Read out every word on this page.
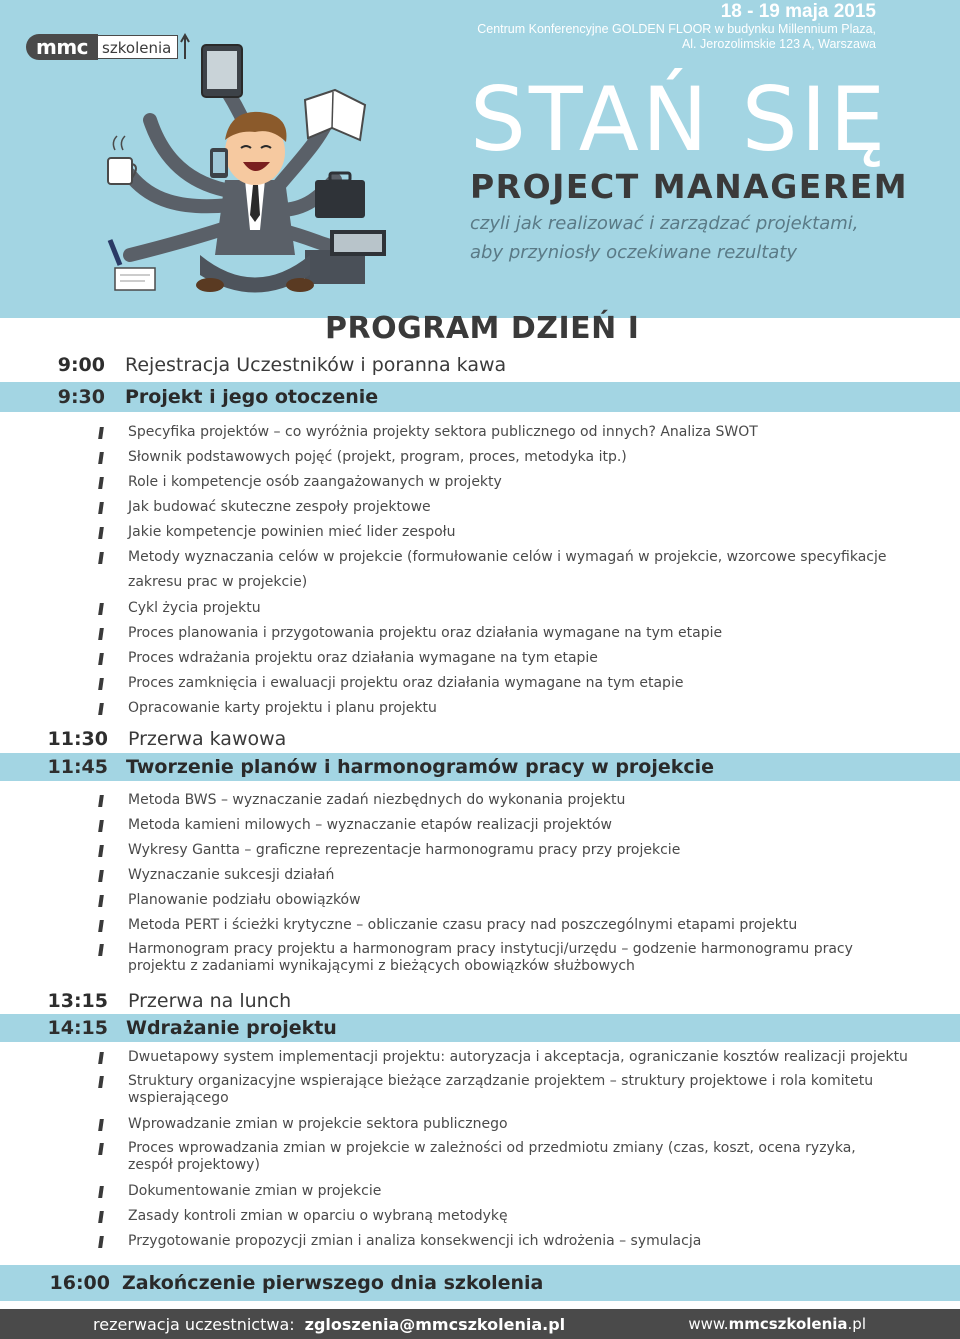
mmc szkolenia
18 - 19 maja 2015
Centrum Konferencyjne GOLDEN FLOOR w budynku Millennium Plaza,
Al. Jerozolimskie 123 A, Warszawa
STAŃ SIĘ
PROJECT MANAGEREM
czyli jak realizować i zarządzać projektami,
aby przyniosły oczekiwane rezultaty
PROGRAM DZIEŃ I
9:00 Rejestracja Uczestników i poranna kawa
9:30 Projekt i jego otoczenie
Specyfika projektów – co wyróżnia projekty sektora publicznego od innych? Analiza SWOT
Słownik podstawowych pojęć (projekt, program, proces, metodyka itp.)
Role i kompetencje osób zaangażowanych w projekty
Jak budować skuteczne zespoły projektowe
Jakie kompetencje powinien mieć lider zespołu
Metody wyznaczania celów w projekcie (formułowanie celów i wymagań w projekcie, wzorcowe specyfikacje zakresu prac w projekcie)
Cykl życia projektu
Proces planowania i przygotowania projektu oraz działania wymagane na tym etapie
Proces wdrażania projektu oraz działania wymagane na tym etapie
Proces zamknięcia i ewaluacji projektu oraz działania wymagane na tym etapie
Opracowanie karty projektu i planu projektu
11:30 Przerwa kawowa
11:45 Tworzenie planów i harmonogramów pracy w projekcie
Metoda BWS – wyznaczanie zadań niezbędnych do wykonania projektu
Metoda kamieni milowych – wyznaczanie etapów realizacji projektów
Wykresy Gantta – graficzne reprezentacje harmonogramu pracy przy projekcie
Wyznaczanie sukcesji działań
Planowanie podziału obowiązków
Metoda PERT i ścieżki krytyczne – obliczanie czasu pracy nad poszczególnymi etapami projektu
Harmonogram pracy projektu a harmonogram pracy instytucji/urzędu – godzenie harmonogramu pracy projektu z zadaniami wynikającymi z bieżących obowiązków służbowych
13:15 Przerwa na lunch
14:15 Wdrażanie projektu
Dwuetapowy system implementacji projektu: autoryzacja i akceptacja, ograniczanie kosztów realizacji projektu
Struktury organizacyjne wspierające bieżące zarządzanie projektem – struktury projektowe i rola komitetu wspierającego
Wprowadzanie zmian w projekcie sektora publicznego
Proces wprowadzania zmian w projekcie w zależności od przedmiotu zmiany (czas, koszt, ocena ryzyka, zespół projektowy)
Dokumentowanie zmian w projekcie
Zasady kontroli zmian w oparciu o wybraną metodykę
Przygotowanie propozycji zmian i analiza konsekwencji ich wdrożenia – symulacja
16:00 Zakończenie pierwszego dnia szkolenia
rezerwacja uczestnictwa: zgloszenia@mmcszkolenia.pl	www.mmcszkolenia.pl
